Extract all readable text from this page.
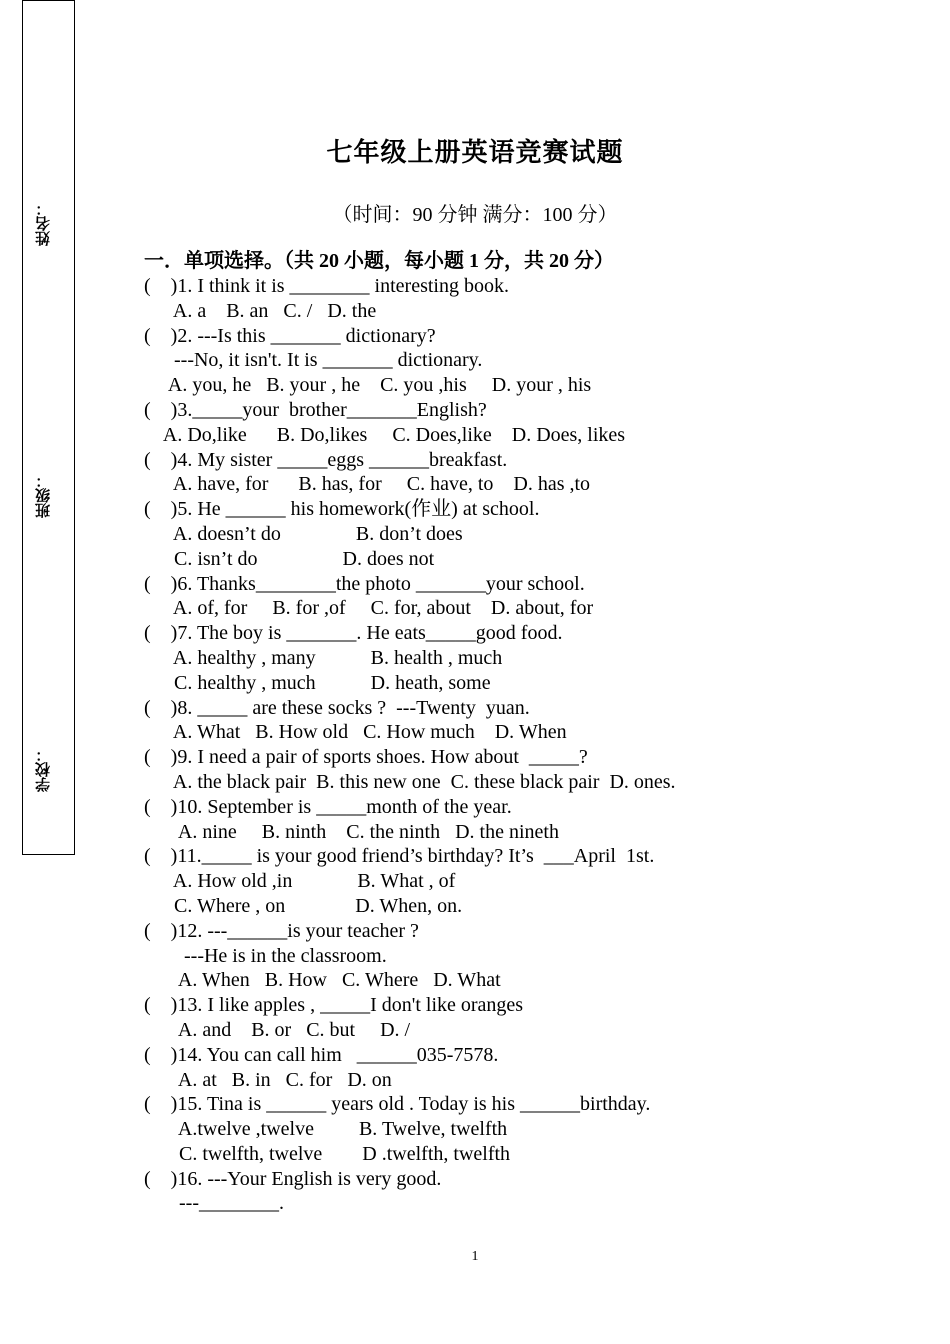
姓名：
班级：
学校：
七年级上册英语竞赛试题
（时间：90 分钟 满分：100 分）
一．单项选择。（共 20 小题，每小题 1 分，共 20 分）
(    )1. I think it is ________ interesting book.
A. a    B. an   C. /   D. the
(    )2. ---Is this _______ dictionary?
---No, it isn't. It is _______ dictionary.
A. you, he   B. your , he    C. you ,his     D. your , his
(    )3._____your  brother_______English?
A. Do,like      B. Do,likes     C. Does,like    D. Does, likes
(    )4. My sister _____eggs ______breakfast.
A. have, for      B. has, for     C. have, to    D. has ,to
(    )5. He ______ his homework(作业) at school.
A. doesn’t do               B. don’t does
C. isn’t do                 D. does not
(    )6. Thanks________the photo _______your school.
A. of, for     B. for ,of     C. for, about    D. about, for
(    )7. The boy is _______. He eats_____good food.
A. healthy , many           B. health , much
C. healthy , much           D. heath, some
(    )8. _____ are these socks ?  ---Twenty  yuan.
A. What   B. How old   C. How much    D. When
(    )9. I need a pair of sports shoes. How about  _____?
A. the black pair  B. this new one  C. these black pair  D. ones.
(    )10. September is _____month of the year.
A. nine     B. ninth    C. the ninth   D. the nineth
(    )11._____ is your good friend’s birthday? It’s  ___April  1st.
A. How old ,in             B. What , of
C. Where , on              D. When, on.
(    )12. ---______is your teacher ?
---He is in the classroom.
A. When   B. How   C. Where   D. What
(    )13. I like apples , _____I don't like oranges
A. and    B. or   C. but     D. /
(    )14. You can call him   ______035-7578.
A. at   B. in   C. for   D. on
(    )15. Tina is ______ years old . Today is his ______birthday.
A.twelve ,twelve         B. Twelve, twelfth
C. twelfth, twelve        D .twelfth, twelfth
(    )16. ---Your English is very good.
---________.
1
